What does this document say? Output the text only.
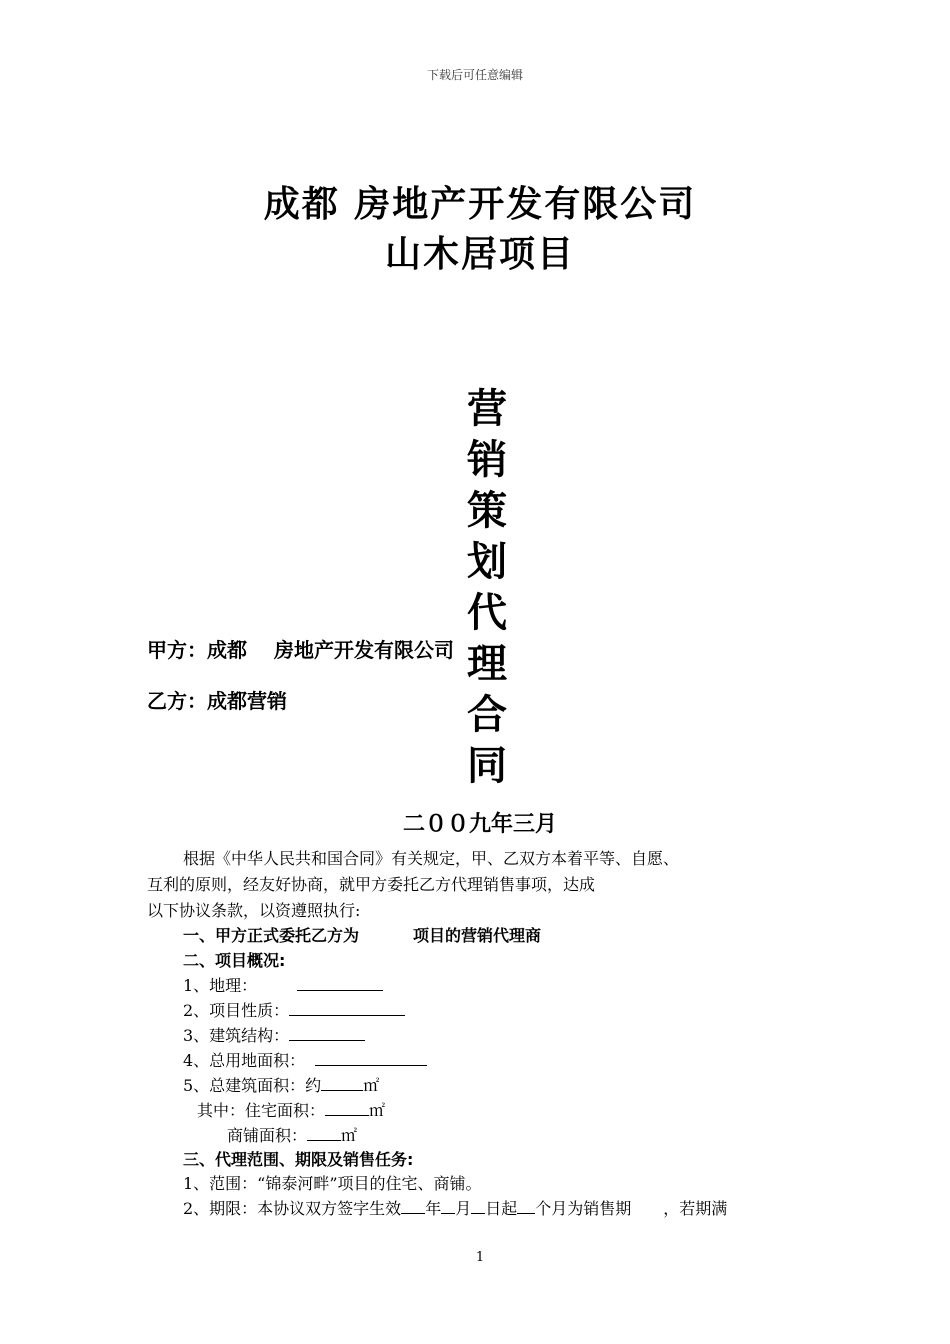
下载后可任意编辑
成都 房地产开发有限公司
山木居项目
营
销
策
划
代
理
合
同
甲方：成都　 房地产开发有限公司
乙方：成都营销
二００九年三月
根据《中华人民共和国合同》有关规定，甲、乙双方本着平等、自愿、
互利的原则，经友好协商，就甲方委托乙方代理销售事项，达成
以下协议条款，以资遵照执行:
一、甲方正式委托乙方为	项目的营销代理商
二、项目概况:
1、地理：
2、项目性质：
3、建筑结构：
4、总用地面积：
5、总建筑面积：约	㎡
其中：住宅面积：	㎡
商铺面积： ㎡
三、代理范围、期限及销售任务:
1、范围：“锦泰河畔”项目的住宅、商铺。
2、期限：本协议双方签字生效 年 月 日起 个月为销售期　　，若期满
1
